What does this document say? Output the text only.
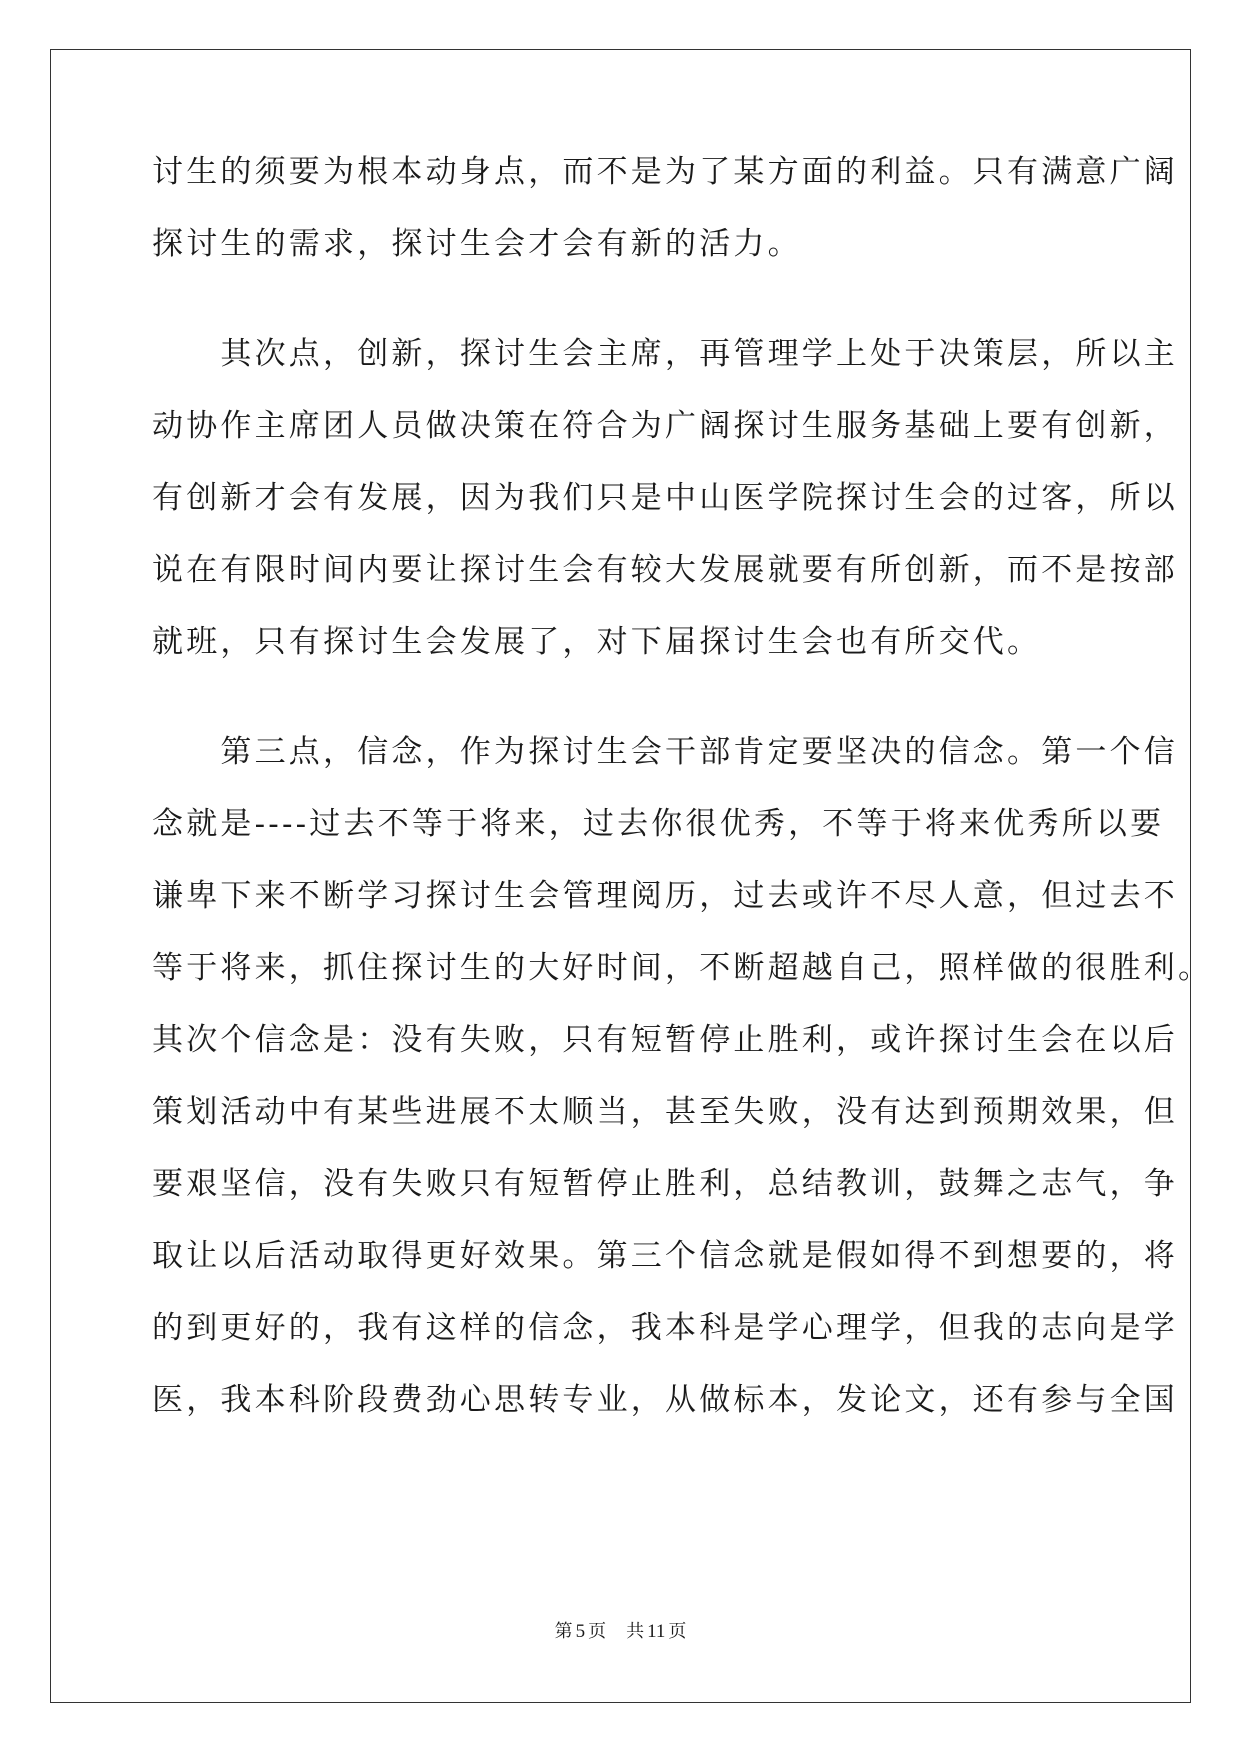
讨生的须要为根本动身点，而不是为了某方面的利益。只有满意广阔
探讨生的需求，探讨生会才会有新的活力。
　　其次点，创新，探讨生会主席，再管理学上处于决策层，所以主
动协作主席团人员做决策在符合为广阔探讨生服务基础上要有创新，
有创新才会有发展，因为我们只是中山医学院探讨生会的过客，所以
说在有限时间内要让探讨生会有较大发展就要有所创新，而不是按部
就班，只有探讨生会发展了，对下届探讨生会也有所交代。
　　第三点，信念，作为探讨生会干部肯定要坚决的信念。第一个信
念就是----过去不等于将来，过去你很优秀，不等于将来优秀所以要
谦卑下来不断学习探讨生会管理阅历，过去或许不尽人意，但过去不
等于将来，抓住探讨生的大好时间，不断超越自己，照样做的很胜利。
其次个信念是：没有失败，只有短暂停止胜利，或许探讨生会在以后
策划活动中有某些进展不太顺当，甚至失败，没有达到预期效果，但
要艰坚信，没有失败只有短暂停止胜利，总结教训，鼓舞之志气，争
取让以后活动取得更好效果。第三个信念就是假如得不到想要的，将
的到更好的，我有这样的信念，我本科是学心理学，但我的志向是学
医，我本科阶段费劲心思转专业，从做标本，发论文，还有参与全国
第 5 页 共 11 页
